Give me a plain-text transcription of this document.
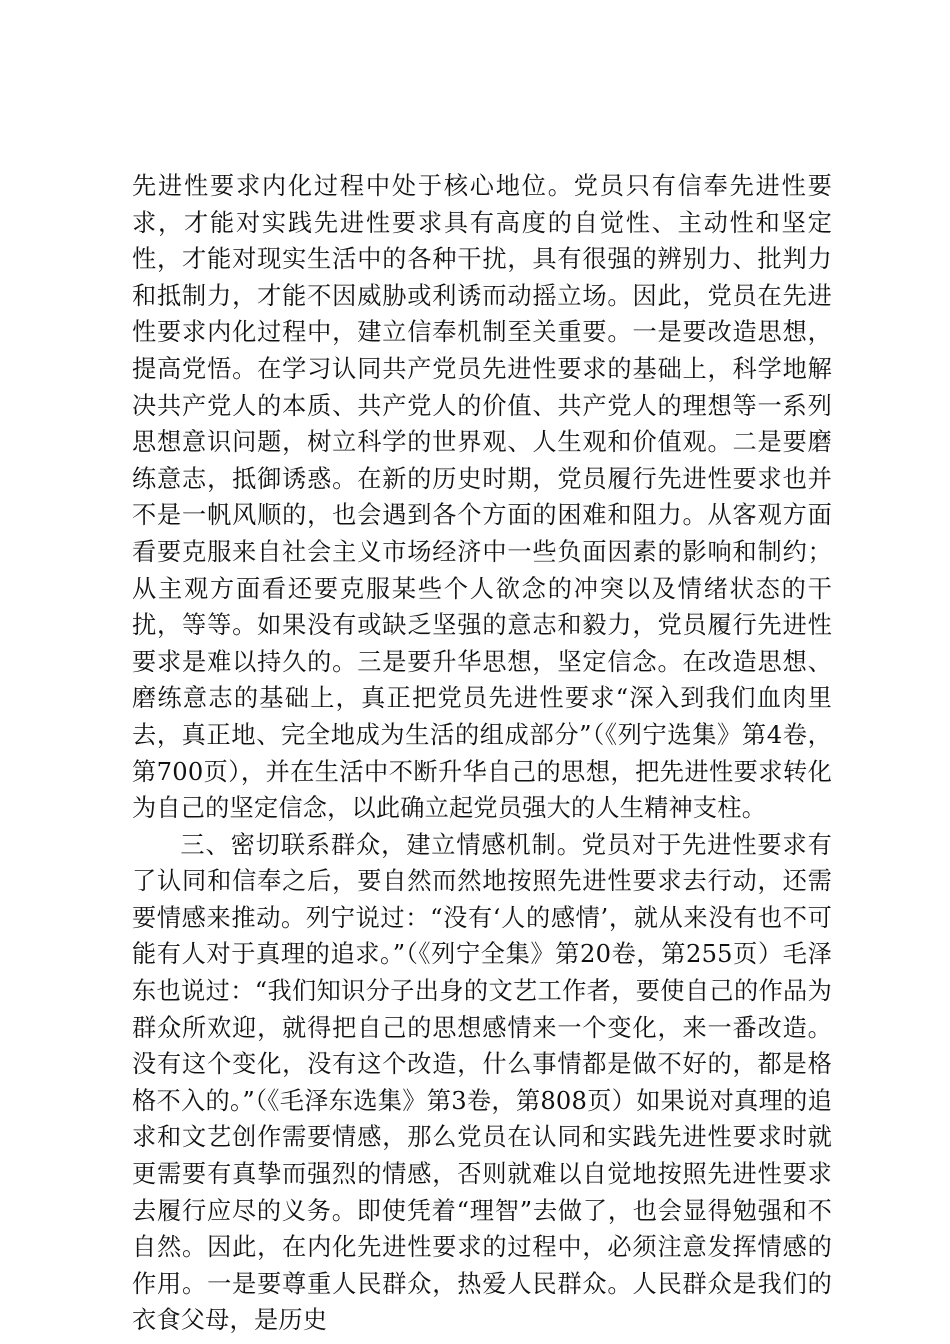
先进性要求内化过程中处于核心地位。党员只有信奉先进性要求，才能对实践先进性要求具有高度的自觉性、主动性和坚定性，才能对现实生活中的各种干扰，具有很强的辨别力、批判力和抵制力，才能不因威胁或利诱而动摇立场。因此，党员在先进性要求内化过程中，建立信奉机制至关重要。一是要改造思想，提高党悟。在学习认同共产党员先进性要求的基础上，科学地解决共产党人的本质、共产党人的价值、共产党人的理想等一系列思想意识问题，树立科学的世界观、人生观和价值观。二是要磨练意志，抵御诱惑。在新的历史时期，党员履行先进性要求也并不是一帆风顺的，也会遇到各个方面的困难和阻力。从客观方面看要克服来自社会主义市场经济中一些负面因素的影响和制约；从主观方面看还要克服某些个人欲念的冲突以及情绪状态的干扰，等等。如果没有或缺乏坚强的意志和毅力，党员履行先进性要求是难以持久的。三是要升华思想，坚定信念。在改造思想、磨练意志的基础上，真正把党员先进性要求“深入到我们血肉里去，真正地、完全地成为生活的组成部分”（《列宁选集》第4卷，第700页），并在生活中不断升华自己的思想，把先进性要求转化为自己的坚定信念，以此确立起党员强大的人生精神支柱。

三、密切联系群众，建立情感机制。党员对于先进性要求有了认同和信奉之后，要自然而然地按照先进性要求去行动，还需要情感来推动。列宁说过：“没有‘人的感情’，就从来没有也不可能有人对于真理的追求。”（《列宁全集》第20卷，第255页）毛泽东也说过：“我们知识分子出身的文艺工作者，要使自己的作品为群众所欢迎，就得把自己的思想感情来一个变化，来一番改造。没有这个变化，没有这个改造，什么事情都是做不好的，都是格格不入的。”（《毛泽东选集》第3卷，第808页）如果说对真理的追求和文艺创作需要情感，那么党员在认同和实践先进性要求时就更需要有真挚而强烈的情感，否则就难以自觉地按照先进性要求去履行应尽的义务。即使凭着“理智”去做了，也会显得勉强和不自然。因此，在内化先进性要求的过程中，必须注意发挥情感的作用。一是要尊重人民群众，热爱人民群众。人民群众是我们的衣食父母，是历史
